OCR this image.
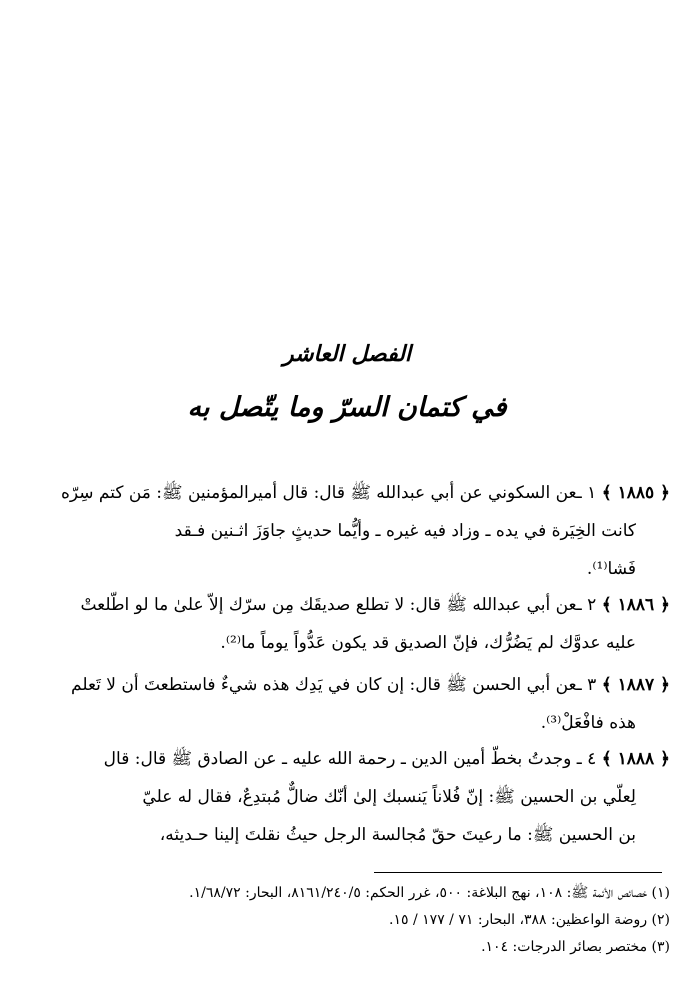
الفصل العاشر
في كتمان السرّ وما يتّصل به
﴿ ١٨٨٥ ﴾ ١ ـعن السكوني عن أبي عبدالله ﷺ قال: قال أميرالمؤمنين ﷺ: مَن كتم سِرّه
كانت الخِيَرة في يده ـ وزاد فيه غيره ـ وأيُّما حديثٍ جاوَزَ اثـنين فـقد
فَشا⁽¹⁾.
﴿ ١٨٨٦ ﴾ ٢ ـعن أبي عبدالله ﷺ قال: لا تطلع صديقَك مِن سرّك إلاّ علىٰ ما لو اطّلعتْ
عليه عدوَّك لم يَضُرُّك، فإنّ الصديق قد يكون عَدُّواً يوماً ما⁽²⁾.
﴿ ١٨٨٧ ﴾ ٣ ـعن أبي الحسن ﷺ قال: إن كان في يَدِك هذه شيءٌ فاستطعتَ أن لا تَعلم
هذه فافْعَلْ⁽³⁾.
﴿ ١٨٨٨ ﴾ ٤ ـ وجدتُ بخطّ أمين الدين ـ رحمة الله عليه ـ عن الصادق ﷺ قال: قال
لِعلّي بن الحسين ﷺ: إنّ فُلاناً يَنسبك إلىٰ أنّك ضالٌّ مُبتدِعٌ، فقال له عليّ
بن الحسين ﷺ: ما رعيتَ حقّ مُجالسة الرجل حيثُ نقلتَ إلينا حـديثه،
(١) خصائص الأئمة ﷺ: ١٠٨، نهج البلاغة: ٥٠٠، غرر الحكم: ٨١٦١/٢٤٠/٥، البحار: ١/٦٨/٧٢.
(٢) روضة الواعظين: ٣٨٨، البحار: ٧١ / ١٧٧ / ١٥.
(٣) مختصر بصائر الدرجات: ١٠٤.
